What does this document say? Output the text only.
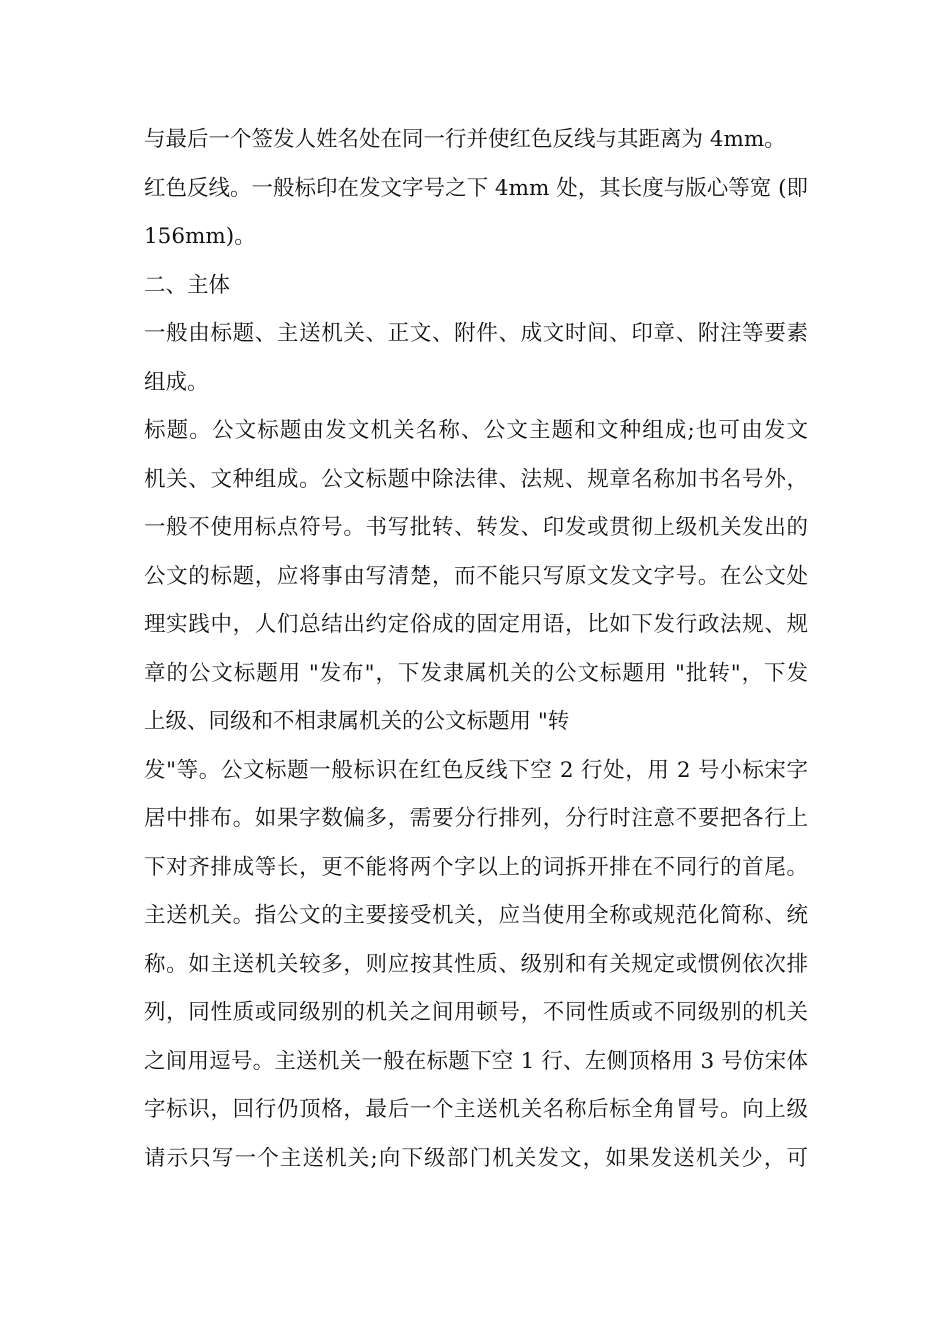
与最后一个签发人姓名处在同一行并使红色反线与其距离为 4mm。
红色反线。一般标印在发文字号之下 4mm 处，其长度与版心等宽 (即
156mm)。
二、主体
一般由标题、主送机关、正文、附件、成文时间、印章、附注等要素
组成。
标题。公文标题由发文机关名称、公文主题和文种组成;也可由发文
机关、文种组成。公文标题中除法律、法规、规章名称加书名号外，
一般不使用标点符号。书写批转、转发、印发或贯彻上级机关发出的
公文的标题，应将事由写清楚，而不能只写原文发文字号。在公文处
理实践中，人们总结出约定俗成的固定用语，比如下发行政法规、规
章的公文标题用 "发布"，下发隶属机关的公文标题用 "批转"，下发
上级、同级和不相隶属机关的公文标题用 "转
发"等。公文标题一般标识在红色反线下空 2 行处，用 2 号小标宋字
居中排布。如果字数偏多，需要分行排列，分行时注意不要把各行上
下对齐排成等长，更不能将两个字以上的词拆开排在不同行的首尾。
主送机关。指公文的主要接受机关，应当使用全称或规范化简称、统
称。如主送机关较多，则应按其性质、级别和有关规定或惯例依次排
列，同性质或同级别的机关之间用顿号，不同性质或不同级别的机关
之间用逗号。主送机关一般在标题下空 1 行、左侧顶格用 3 号仿宋体
字标识，回行仍顶格，最后一个主送机关名称后标全角冒号。向上级
请示只写一个主送机关;向下级部门机关发文，如果发送机关少，可
